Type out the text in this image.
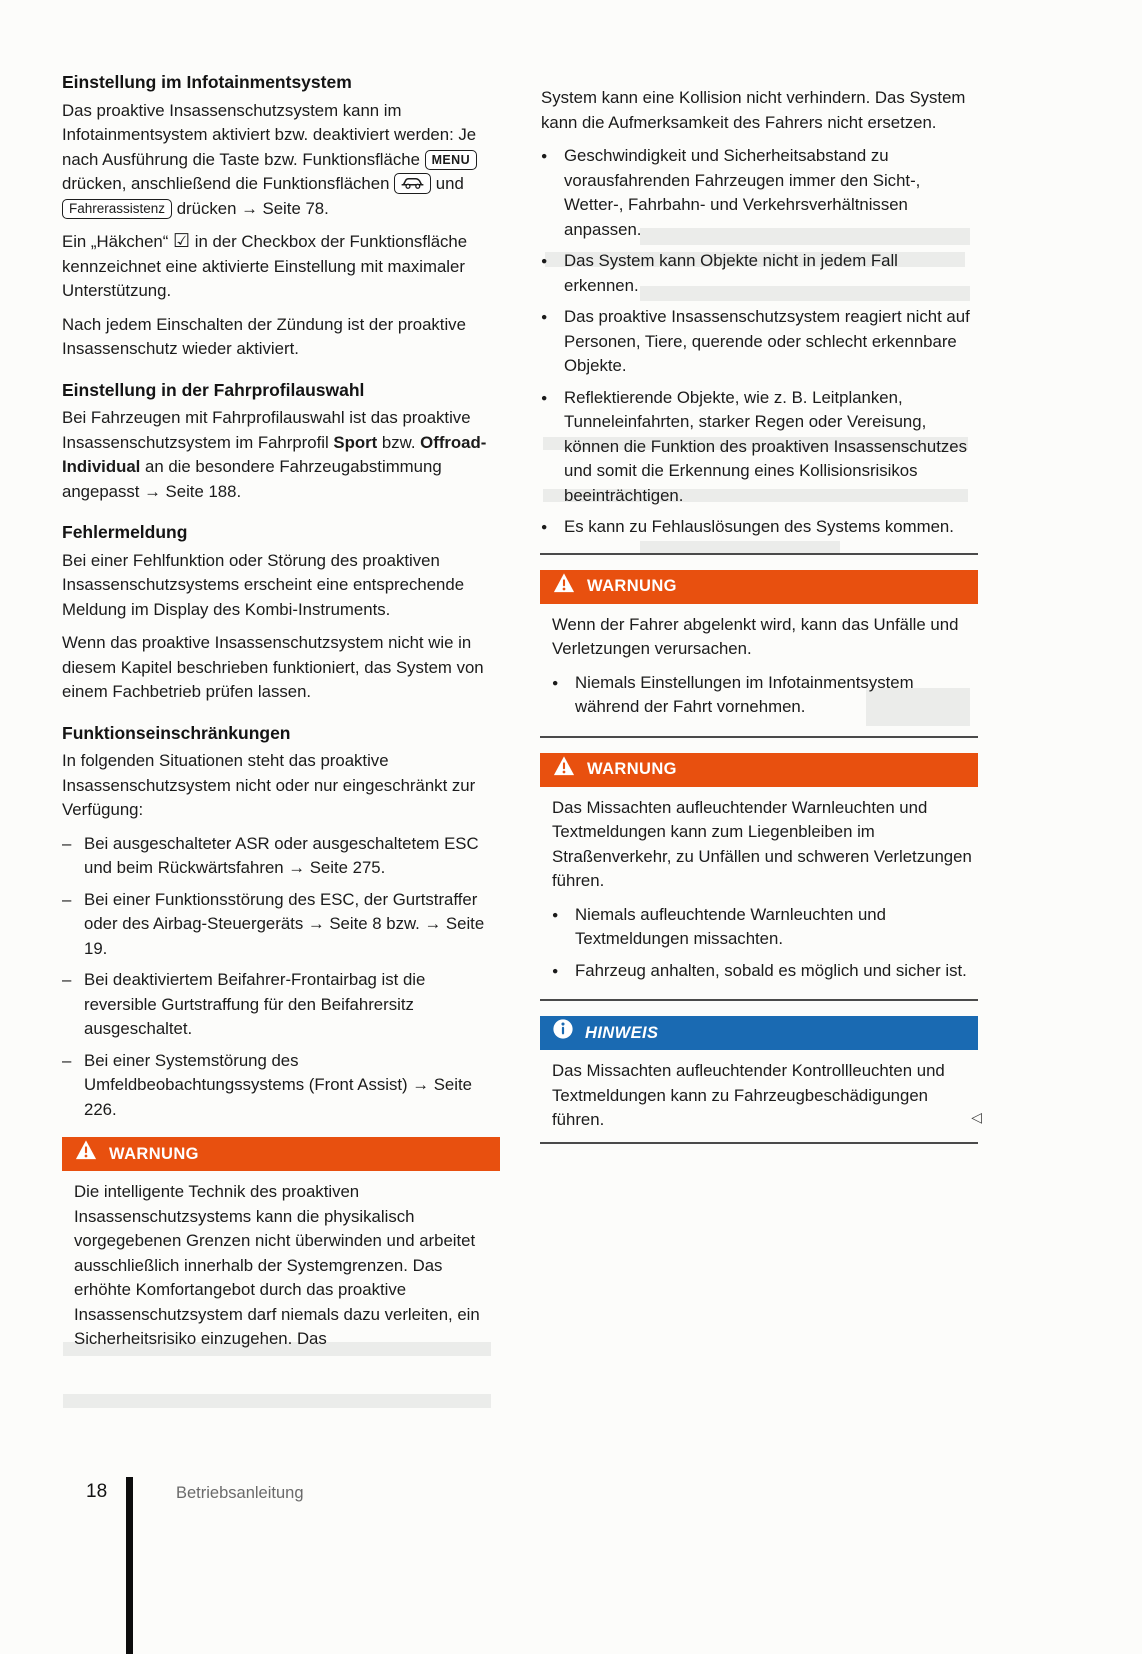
Einstellung im Infotainmentsystem

Das proaktive Insassenschutzsystem kann im Infotainmentsystem aktiviert bzw. deaktiviert werden: Je nach Ausführung die Taste bzw. Funktionsfläche MENU drücken, anschließend die Funktionsflächen	und Fahrerassistenz drücken → Seite 78.

Ein „Häkchen“ ☑ in der Checkbox der Funktionsfläche kennzeichnet eine aktivierte Einstellung mit maximaler Unterstützung.

Nach jedem Einschalten der Zündung ist der proaktive Insassenschutz wieder aktiviert.

Einstellung in der Fahrprofilauswahl

Bei Fahrzeugen mit Fahrprofilauswahl ist das proaktive Insassenschutzsystem im Fahrprofil Sport bzw. Offroad-Individual an die besondere Fahrzeugabstimmung angepasst → Seite 188.

Fehlermeldung

Bei einer Fehlfunktion oder Störung des proaktiven Insassenschutzsystems erscheint eine entsprechende Meldung im Display des Kombi-Instruments.

Wenn das proaktive Insassenschutzsystem nicht wie in diesem Kapitel beschrieben funktioniert, das System von einem Fachbetrieb prüfen lassen.

Funktionseinschränkungen

In folgenden Situationen steht das proaktive Insassenschutzsystem nicht oder nur eingeschränkt zur Verfügung:

– Bei ausgeschalteter ASR oder ausgeschaltetem ESC und beim Rückwärtsfahren → Seite 275.
– Bei einer Funktionsstörung des ESC, der Gurtstraffer oder des Airbag-Steuergeräts → Seite 8 bzw. → Seite 19.
– Bei deaktiviertem Beifahrer-Frontairbag ist die reversible Gurtstraffung für den Beifahrersitz ausgeschaltet.
– Bei einer Systemstörung des Umfeldbeobachtungssystems (Front Assist) → Seite 226.
WARNUNG

Die intelligente Technik des proaktiven Insassenschutzsystems kann die physikalisch vorgegebenen Grenzen nicht überwinden und arbeitet ausschließlich innerhalb der Systemgrenzen. Das erhöhte Komfortangebot durch das proaktive Insassenschutzsystem darf niemals dazu verleiten, ein Sicherheitsrisiko einzugehen. Das

System kann eine Kollision nicht verhindern. Das System kann die Aufmerksamkeit des Fahrers nicht ersetzen.

● Geschwindigkeit und Sicherheitsabstand zu vorausfahrenden Fahrzeugen immer den Sicht-, Wetter-, Fahrbahn- und Verkehrsverhältnissen anpassen.
● Das System kann Objekte nicht in jedem Fall erkennen.
● Das proaktive Insassenschutzsystem reagiert nicht auf Personen, Tiere, querende oder schlecht erkennbare Objekte.
● Reflektierende Objekte, wie z. B. Leitplanken, Tunneleinfahrten, starker Regen oder Vereisung, können die Funktion des proaktiven Insassenschutzes und somit die Erkennung eines Kollisionsrisikos beeinträchtigen.
● Es kann zu Fehlauslösungen des Systems kommen.
WARNUNG

Wenn der Fahrer abgelenkt wird, kann das Unfälle und Verletzungen verursachen.

● Niemals Einstellungen im Infotainmentsystem während der Fahrt vornehmen.
WARNUNG

Das Missachten aufleuchtender Warnleuchten und Textmeldungen kann zum Liegenbleiben im Straßenverkehr, zu Unfällen und schweren Verletzungen führen.

● Niemals aufleuchtende Warnleuchten und Textmeldungen missachten.
● Fahrzeug anhalten, sobald es möglich und sicher ist.
HINWEIS

Das Missachten aufleuchtender Kontrollleuchten und Textmeldungen kann zu Fahrzeugbeschädigungen führen.	◁
18	Betriebsanleitung
